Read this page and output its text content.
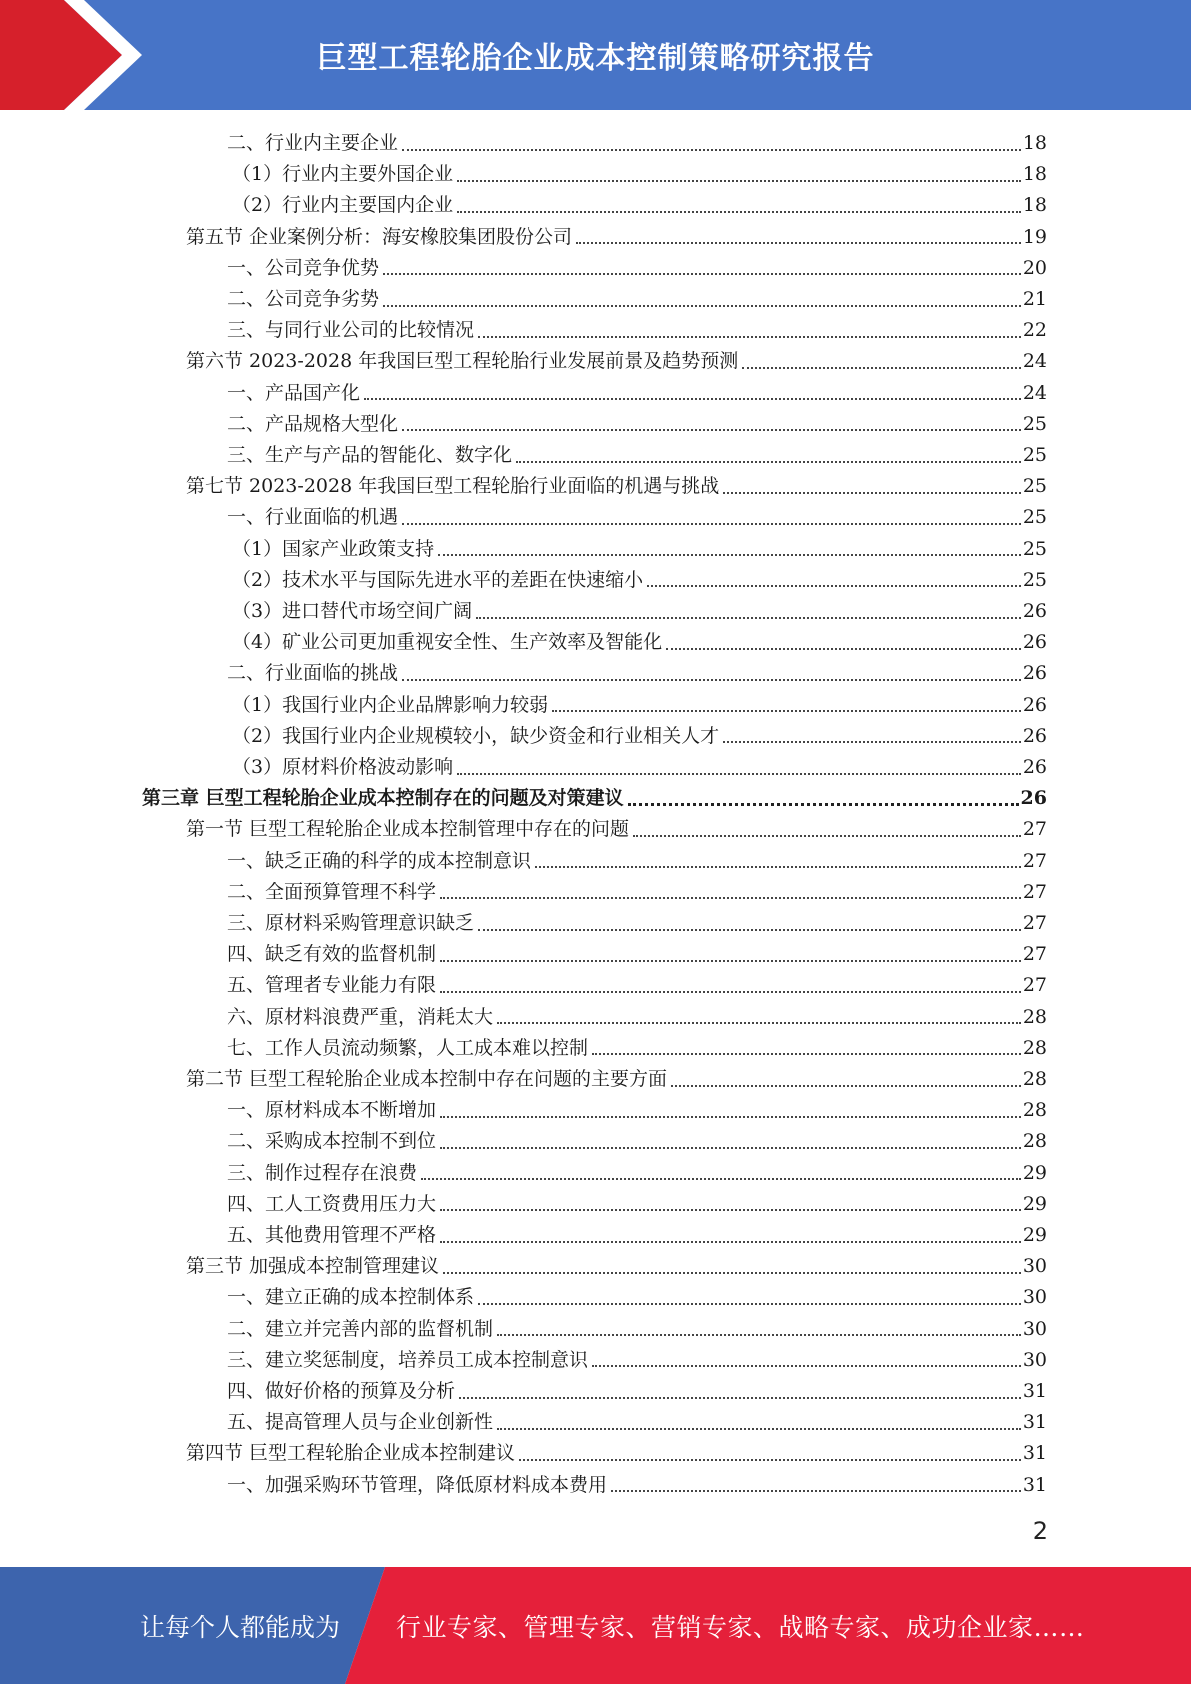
巨型工程轮胎企业成本控制策略研究报告
二、行业内主要企业	18
（1）行业内主要外国企业	18
（2）行业内主要国内企业	18
第五节 企业案例分析：海安橡胶集团股份公司	19
一、公司竞争优势	20
二、公司竞争劣势	21
三、与同行业公司的比较情况	22
第六节 2023-2028 年我国巨型工程轮胎行业发展前景及趋势预测	24
一、产品国产化	24
二、产品规格大型化	25
三、生产与产品的智能化、数字化	25
第七节 2023-2028 年我国巨型工程轮胎行业面临的机遇与挑战	25
一、行业面临的机遇	25
（1）国家产业政策支持	25
（2）技术水平与国际先进水平的差距在快速缩小	25
（3）进口替代市场空间广阔	26
（4）矿业公司更加重视安全性、生产效率及智能化	26
二、行业面临的挑战	26
（1）我国行业内企业品牌影响力较弱	26
（2）我国行业内企业规模较小，缺少资金和行业相关人才	26
（3）原材料价格波动影响	26
第三章 巨型工程轮胎企业成本控制存在的问题及对策建议	26
第一节 巨型工程轮胎企业成本控制管理中存在的问题	27
一、缺乏正确的科学的成本控制意识	27
二、全面预算管理不科学	27
三、原材料采购管理意识缺乏	27
四、缺乏有效的监督机制	27
五、管理者专业能力有限	27
六、原材料浪费严重，消耗太大	28
七、工作人员流动频繁，人工成本难以控制	28
第二节 巨型工程轮胎企业成本控制中存在问题的主要方面	28
一、原材料成本不断增加	28
二、采购成本控制不到位	28
三、制作过程存在浪费	29
四、工人工资费用压力大	29
五、其他费用管理不严格	29
第三节 加强成本控制管理建议	30
一、建立正确的成本控制体系	30
二、建立并完善内部的监督机制	30
三、建立奖惩制度，培养员工成本控制意识	30
四、做好价格的预算及分析	31
五、提高管理人员与企业创新性	31
第四节 巨型工程轮胎企业成本控制建议	31
一、加强采购环节管理，降低原材料成本费用	31
2
让每个人都能成为 行业专家、管理专家、营销专家、战略专家、成功企业家……
